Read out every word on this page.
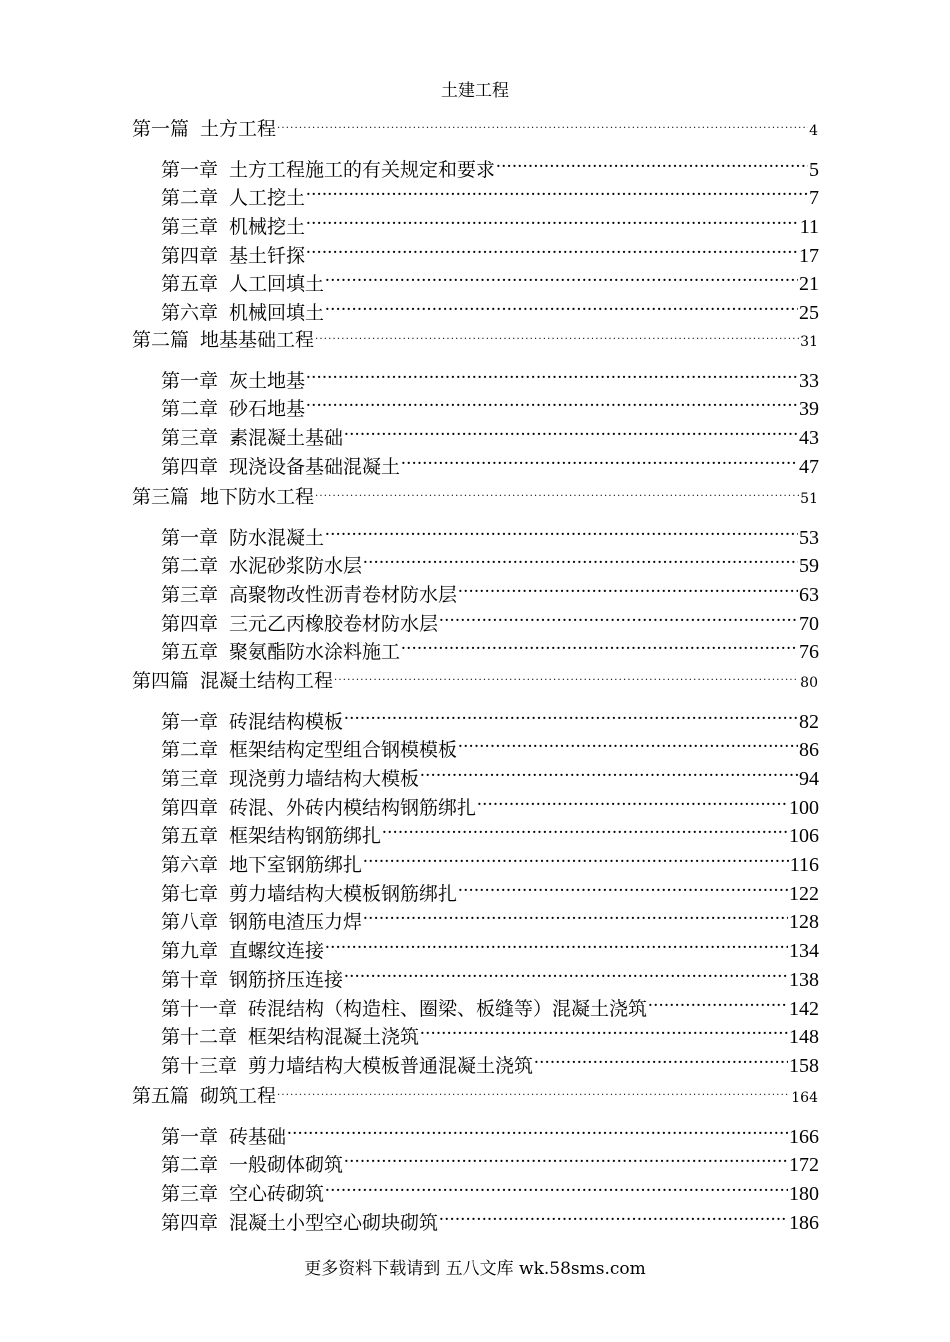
土建工程
第一篇 土方工程 .....	4
第一章 土方工程施工的有关规定和要求 .....	5
第二章 人工挖土 .....	7
第三章 机械挖土 .....	11
第四章 基土钎探 .....	17
第五章 人工回填土 .....	21
第六章 机械回填土 .....	25
第二篇 地基基础工程 .....	31
第一章 灰土地基 .....	33
第二章 砂石地基 .....	39
第三章 素混凝土基础 .....	43
第四章 现浇设备基础混凝土 .....	47
第三篇 地下防水工程 .....	51
第一章 防水混凝土 .....	53
第二章 水泥砂浆防水层 .....	59
第三章 高聚物改性沥青卷材防水层 .....	63
第四章 三元乙丙橡胶卷材防水层 .....	70
第五章 聚氨酯防水涂料施工 .....	76
第四篇 混凝土结构工程 .....	80
第一章 砖混结构模板 .....	82
第二章 框架结构定型组合钢模模板 .....	86
第三章 现浇剪力墙结构大模板 .....	94
第四章 砖混、外砖内模结构钢筋绑扎 .....	100
第五章 框架结构钢筋绑扎 .....	106
第六章 地下室钢筋绑扎 .....	116
第七章 剪力墙结构大模板钢筋绑扎 .....	122
第八章 钢筋电渣压力焊 .....	128
第九章 直螺纹连接 .....	134
第十章 钢筋挤压连接 .....	138
第十一章 砖混结构（构造柱、圈梁、板缝等）混凝土浇筑 .....	142
第十二章 框架结构混凝土浇筑 .....	148
第十三章 剪力墙结构大模板普通混凝土浇筑 .....	158
第五篇 砌筑工程 .....	164
第一章 砖基础 .....	166
第二章 一般砌体砌筑 .....	172
第三章 空心砖砌筑 .....	180
第四章 混凝土小型空心砌块砌筑 .....	186
更多资料下载请到 五八文库 wk.58sms.com
